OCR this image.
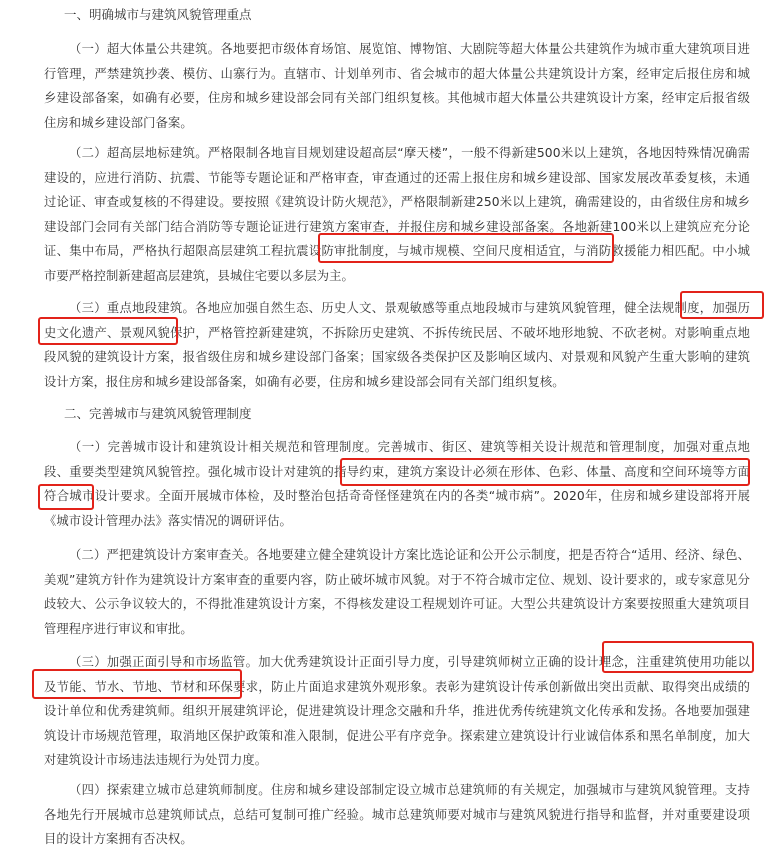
一、明确城市与建筑风貌管理重点

（一）超大体量公共建筑。各地要把市级体育场馆、展览馆、博物馆、大剧院等超大体量公共建筑作为城市重大建筑项目进行管理，严禁建筑抄袭、模仿、山寨行为。直辖市、计划单列市、省会城市的超大体量公共建筑设计方案，经审定后报住房和城乡建设部备案，如确有必要，住房和城乡建设部会同有关部门组织复核。其他城市超大体量公共建筑设计方案，经审定后报省级住房和城乡建设部门备案。

（二）超高层地标建筑。严格限制各地盲目规划建设超高层“摩天楼”，一般不得新建500米以上建筑，各地因特殊情况确需建设的，应进行消防、抗震、节能等专题论证和严格审查，审查通过的还需上报住房和城乡建设部、国家发展改革委复核，未通过论证、审查或复核的不得建设。要按照《建筑设计防火规范》，严格限制新建250米以上建筑，确需建设的，由省级住房和城乡建设部门会同有关部门结合消防等专题论证进行建筑方案审查，并报住房和城乡建设部备案。各地新建100米以上建筑应充分论证、集中布局，严格执行超限高层建筑工程抗震设防审批制度，与城市规模、空间尺度相适宜，与消防救援能力相匹配。中小城市要严格控制新建超高层建筑，县城住宅要以多层为主。

（三）重点地段建筑。各地应加强自然生态、历史人文、景观敏感等重点地段城市与建筑风貌管理，健全法规制度，加强历史文化遗产、景观风貌保护，严格管控新建建筑，不拆除历史建筑、不拆传统民居、不破坏地形地貌、不砍老树。对影响重点地段风貌的建筑设计方案，报省级住房和城乡建设部门备案；国家级各类保护区及影响区域内、对景观和风貌产生重大影响的建筑设计方案，报住房和城乡建设部备案，如确有必要，住房和城乡建设部会同有关部门组织复核。

二、完善城市与建筑风貌管理制度

（一）完善城市设计和建筑设计相关规范和管理制度。完善城市、街区、建筑等相关设计规范和管理制度，加强对重点地段、重要类型建筑风貌管控。强化城市设计对建筑的指导约束，建筑方案设计必须在形体、色彩、体量、高度和空间环境等方面符合城市设计要求。全面开展城市体检，及时整治包括奇奇怪怪建筑在内的各类“城市病”。2020年，住房和城乡建设部将开展《城市设计管理办法》落实情况的调研评估。

（二）严把建筑设计方案审查关。各地要建立健全建筑设计方案比选论证和公开公示制度，把是否符合“适用、经济、绿色、美观”建筑方针作为建筑设计方案审查的重要内容，防止破坏城市风貌。对于不符合城市定位、规划、设计要求的，或专家意见分歧较大、公示争议较大的，不得批准建筑设计方案，不得核发建设工程规划许可证。大型公共建筑设计方案要按照重大建筑项目管理程序进行审议和审批。

（三）加强正面引导和市场监管。加大优秀建筑设计正面引导力度，引导建筑师树立正确的设计理念，注重建筑使用功能以及节能、节水、节地、节材和环保要求，防止片面追求建筑外观形象。表彰为建筑设计传承创新做出突出贡献、取得突出成绩的设计单位和优秀建筑师。组织开展建筑评论，促进建筑设计理念交融和升华，推进优秀传统建筑文化传承和发扬。各地要加强建筑设计市场规范管理，取消地区保护政策和准入限制，促进公平有序竞争。探索建立建筑设计行业诚信体系和黑名单制度，加大对建筑设计市场违法违规行为处罚力度。

（四）探索建立城市总建筑师制度。住房和城乡建设部制定设立城市总建筑师的有关规定，加强城市与建筑风貌管理。支持各地先行开展城市总建筑师试点，总结可复制可推广经验。城市总建筑师要对城市与建筑风貌进行指导和监督，并对重要建设项目的设计方案拥有否决权。
